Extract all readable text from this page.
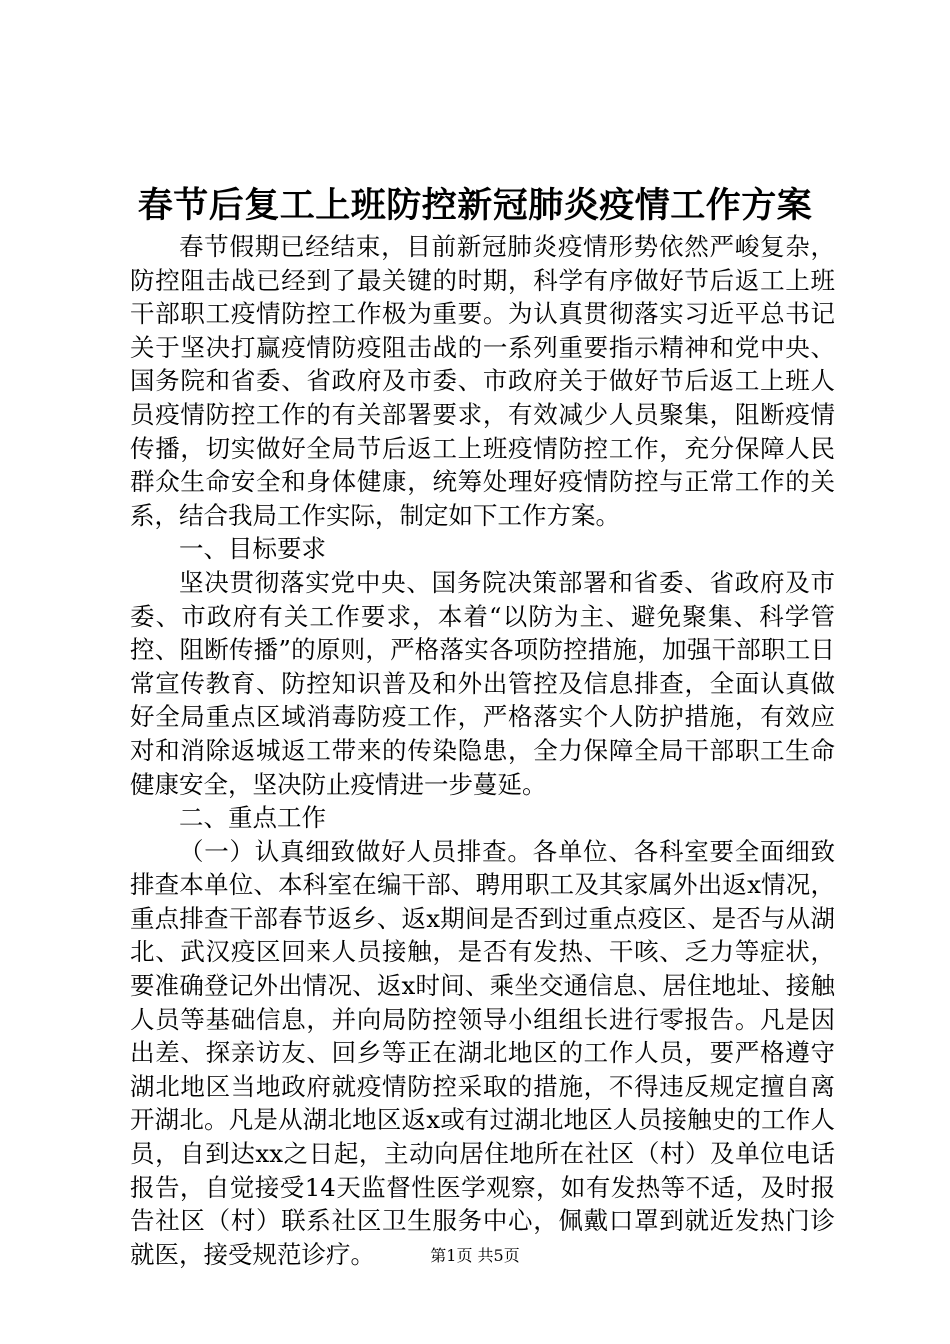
春节后复工上班防控新冠肺炎疫情工作方案

春节假期已经结束，目前新冠肺炎疫情形势依然严峻复杂，防控阻击战已经到了最关键的时期，科学有序做好节后返工上班干部职工疫情防控工作极为重要。为认真贯彻落实习近平总书记关于坚决打赢疫情防疫阻击战的一系列重要指示精神和党中央、国务院和省委、省政府及市委、市政府关于做好节后返工上班人员疫情防控工作的有关部署要求，有效减少人员聚集，阻断疫情传播，切实做好全局节后返工上班疫情防控工作，充分保障人民群众生命安全和身体健康，统筹处理好疫情防控与正常工作的关系，结合我局工作实际，制定如下工作方案。

一、目标要求

坚决贯彻落实党中央、国务院决策部署和省委、省政府及市委、市政府有关工作要求，本着“以防为主、避免聚集、科学管控、阻断传播”的原则，严格落实各项防控措施，加强干部职工日常宣传教育、防控知识普及和外出管控及信息排查，全面认真做好全局重点区域消毒防疫工作，严格落实个人防护措施，有效应对和消除返城返工带来的传染隐患，全力保障全局干部职工生命健康安全，坚决防止疫情进一步蔓延。

二、重点工作

（一）认真细致做好人员排查。各单位、各科室要全面细致排查本单位、本科室在编干部、聘用职工及其家属外出返x情况，重点排查干部春节返乡、返x期间是否到过重点疫区、是否与从湖北、武汉疫区回来人员接触，是否有发热、干咳、乏力等症状，要准确登记外出情况、返x时间、乘坐交通信息、居住地址、接触人员等基础信息，并向局防控领导小组组长进行零报告。凡是因出差、探亲访友、回乡等正在湖北地区的工作人员，要严格遵守湖北地区当地政府就疫情防控采取的措施，不得违反规定擅自离开湖北。凡是从湖北地区返x或有过湖北地区人员接触史的工作人员，自到达xx之日起，主动向居住地所在社区（村）及单位电话报告，自觉接受14天监督性医学观察，如有发热等不适，及时报告社区（村）联系社区卫生服务中心，佩戴口罩到就近发热门诊就医，接受规范诊疗。	第1页 共5页
